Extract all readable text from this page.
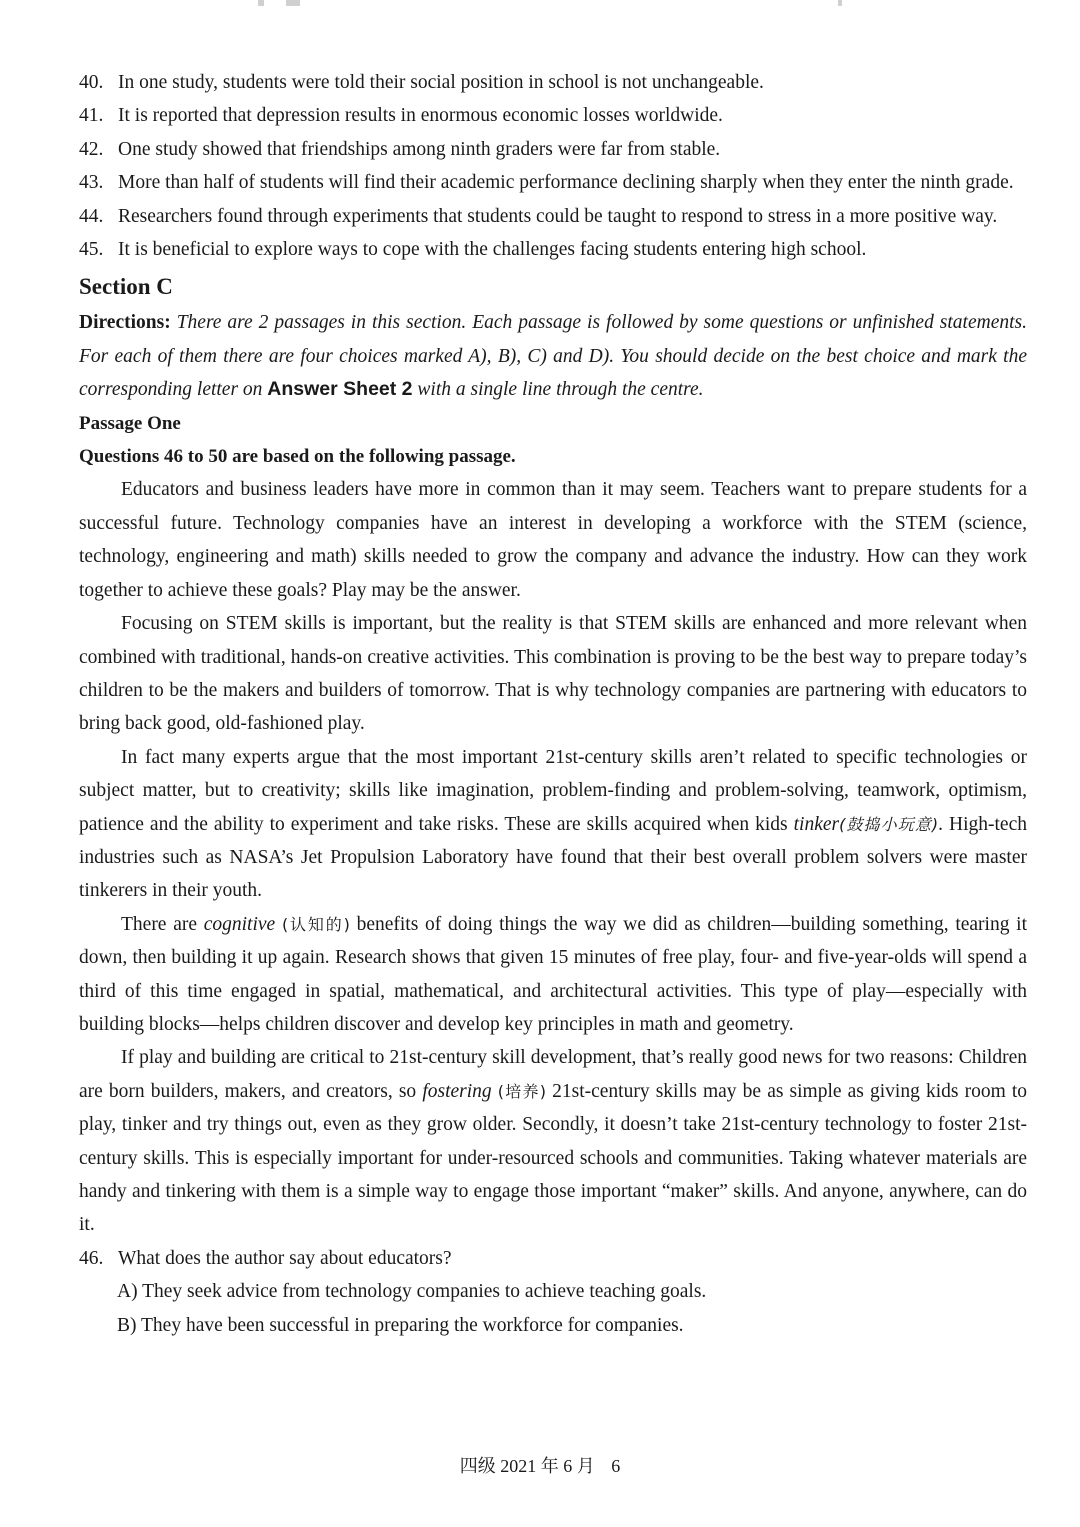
40. In one study, students were told their social position in school is not unchangeable.
41. It is reported that depression results in enormous economic losses worldwide.
42. One study showed that friendships among ninth graders were far from stable.
43. More than half of students will find their academic performance declining sharply when they enter the ninth grade.
44. Researchers found through experiments that students could be taught to respond to stress in a more positive way.
45. It is beneficial to explore ways to cope with the challenges facing students entering high school.
Section C
Directions: There are 2 passages in this section. Each passage is followed by some questions or unfinished statements. For each of them there are four choices marked A), B), C) and D). You should decide on the best choice and mark the corresponding letter on Answer Sheet 2 with a single line through the centre.
Passage One
Questions 46 to 50 are based on the following passage.
Educators and business leaders have more in common than it may seem. Teachers want to prepare students for a successful future. Technology companies have an interest in developing a workforce with the STEM (science, technology, engineering and math) skills needed to grow the company and advance the industry. How can they work together to achieve these goals? Play may be the answer.
Focusing on STEM skills is important, but the reality is that STEM skills are enhanced and more relevant when combined with traditional, hands-on creative activities. This combination is proving to be the best way to prepare today’s children to be the makers and builders of tomorrow. That is why technology companies are partnering with educators to bring back good, old-fashioned play.
In fact many experts argue that the most important 21st-century skills aren’t related to specific technologies or subject matter, but to creativity; skills like imagination, problem-finding and problem-solving, teamwork, optimism, patience and the ability to experiment and take risks. These are skills acquired when kids tinker(鼓捣小玩意). High-tech industries such as NASA’s Jet Propulsion Laboratory have found that their best overall problem solvers were master tinkerers in their youth.
There are cognitive (认知的) benefits of doing things the way we did as children—building something, tearing it down, then building it up again. Research shows that given 15 minutes of free play, four- and five-year-olds will spend a third of this time engaged in spatial, mathematical, and architectural activities. This type of play—especially with building blocks—helps children discover and develop key principles in math and geometry.
If play and building are critical to 21st-century skill development, that’s really good news for two reasons: Children are born builders, makers, and creators, so fostering (培养) 21st-century skills may be as simple as giving kids room to play, tinker and try things out, even as they grow older. Secondly, it doesn’t take 21st-century technology to foster 21st-century skills. This is especially important for under-resourced schools and communities. Taking whatever materials are handy and tinkering with them is a simple way to engage those important “maker” skills. And anyone, anywhere, can do it.
46. What does the author say about educators?
A) They seek advice from technology companies to achieve teaching goals.
B) They have been successful in preparing the workforce for companies.
四级 2021 年 6 月 6
